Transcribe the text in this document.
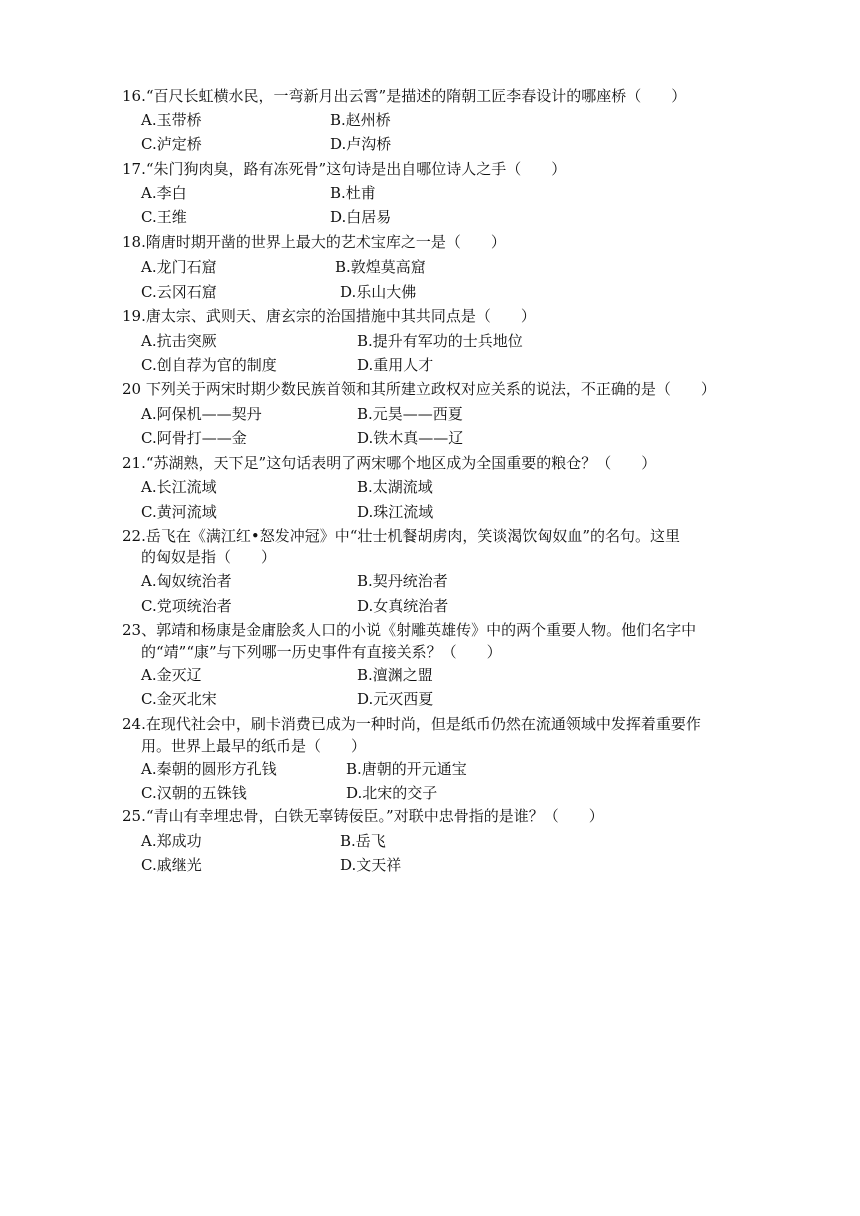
16.“百尺长虹横水民，一弯新月出云霄”是描述的隋朝工匠李春设计的哪座桥（　　）
A.玉带桥	B.赵州桥
C.泸定桥	D.卢沟桥
17.“朱门狗肉臭，路有冻死骨”这句诗是出自哪位诗人之手（　　）
A.李白	B.杜甫
C.王维	D.白居易
18.隋唐时期开凿的世界上最大的艺术宝库之一是（　　）
A.龙门石窟	B.敦煌莫高窟
C.云冈石窟	D.乐山大佛
19.唐太宗、武则天、唐玄宗的治国措施中其共同点是（　　）
A.抗击突厥	B.提升有军功的士兵地位
C.创自荐为官的制度	D.重用人才
20 下列关于两宋时期少数民族首领和其所建立政权对应关系的说法，不正确的是（　　）
A.阿保机——契丹	B.元昊——西夏
C.阿骨打——金	D.铁木真——辽
21.“苏湖熟，天下足”这句话表明了两宋哪个地区成为全国重要的粮仓？（　　）
A.长江流域	B.太湖流域
C.黄河流域	D.珠江流域
22.岳飞在《满江红•怒发冲冠》中“壮士机餐胡虏肉，笑谈渴饮匈奴血”的名句。这里
的匈奴是指（　　）
A.匈奴统治者	B.契丹统治者
C.党项统治者	D.女真统治者
23、郭靖和杨康是金庸脍炙人口的小说《射雕英雄传》中的两个重要人物。他们名字中
的“靖”“康”与下列哪一历史事件有直接关系？（　　）
A.金灭辽	B.澶渊之盟
C.金灭北宋	D.元灭西夏
24.在现代社会中，刷卡消费已成为一种时尚，但是纸币仍然在流通领域中发挥着重要作
用。世界上最早的纸币是（　　）
A.秦朝的圆形方孔钱	B.唐朝的开元通宝
C.汉朝的五铢钱	D.北宋的交子
25.“青山有幸埋忠骨，白铁无辜铸佞臣。”对联中忠骨指的是谁？（　　）
A.郑成功	B.岳飞
C.戚继光	D.文天祥
